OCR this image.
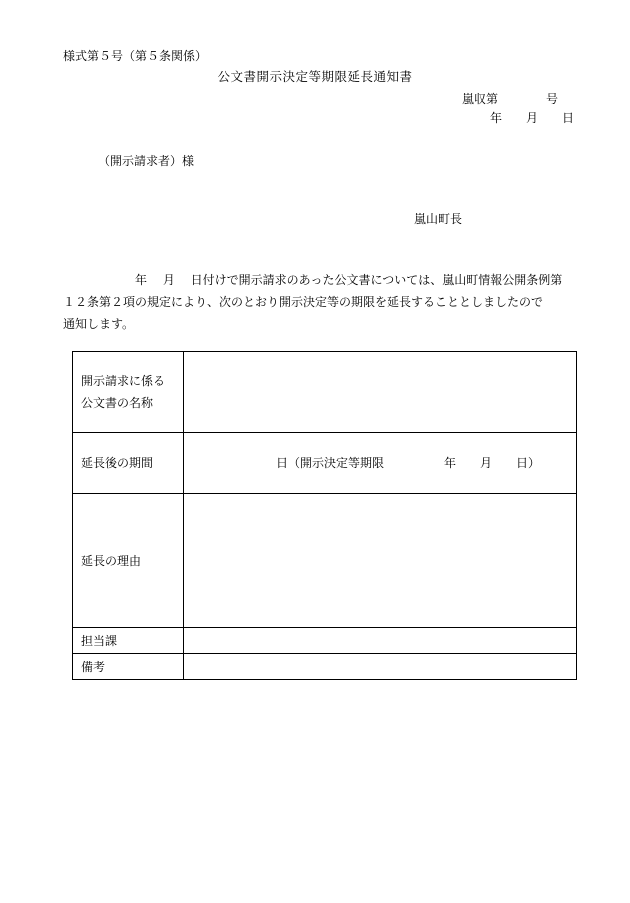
様式第５号（第５条関係）
公文書開示決定等期限延長通知書
嵐収第　　　　号
年　　月　　日
（開示請求者）様
嵐山町長
　　　　　　年　 月　 日付けで開示請求のあった公文書については、嵐山町情報公開条例第
１２条第２項の規定により、次のとおり開示決定等の期限を延長することとしましたので
通知します。
開示請求に係る
公文書の名称	

延長後の期間	　　　　　　　日（開示決定等期限　　　　　年　　月　　日）
延長の理由	
担当課	
備考	
